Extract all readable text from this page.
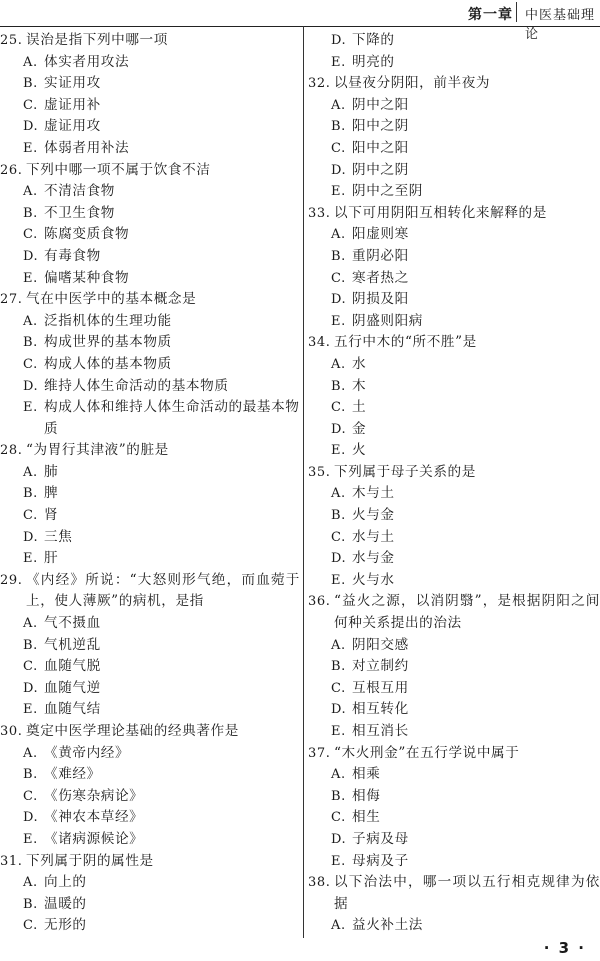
第一章 中医基础理论
25. 误治是指下列中哪一项
A. 体实者用攻法
B. 实证用攻
C. 虚证用补
D. 虚证用攻
E. 体弱者用补法
26. 下列中哪一项不属于饮食不洁
A. 不清洁食物
B. 不卫生食物
C. 陈腐变质食物
D. 有毒食物
E. 偏嗜某种食物
27. 气在中医学中的基本概念是
A. 泛指机体的生理功能
B. 构成世界的基本物质
C. 构成人体的基本物质
D. 维持人体生命活动的基本物质
E. 构成人体和维持人体生命活动的最基本物质
28. “为胃行其津液”的脏是
A. 肺
B. 脾
C. 肾
D. 三焦
E. 肝
29. 《内经》所说：“大怒则形气绝，而血菀于上，使人薄厥”的病机，是指
A. 气不摄血
B. 气机逆乱
C. 血随气脱
D. 血随气逆
E. 血随气结
30. 奠定中医学理论基础的经典著作是
A. 《黄帝内经》
B. 《难经》
C. 《伤寒杂病论》
D. 《神农本草经》
E. 《诸病源候论》
31. 下列属于阴的属性是
A. 向上的
B. 温暖的
C. 无形的
D. 下降的
E. 明亮的
32. 以昼夜分阴阳，前半夜为
A. 阴中之阳
B. 阳中之阴
C. 阳中之阳
D. 阴中之阴
E. 阴中之至阴
33. 以下可用阴阳互相转化来解释的是
A. 阳虚则寒
B. 重阴必阳
C. 寒者热之
D. 阴损及阳
E. 阴盛则阳病
34. 五行中木的“所不胜”是
A. 水
B. 木
C. 土
D. 金
E. 火
35. 下列属于母子关系的是
A. 木与土
B. 火与金
C. 水与土
D. 水与金
E. 火与水
36. “益火之源，以消阴翳”，是根据阴阳之间何种关系提出的治法
A. 阴阳交感
B. 对立制约
C. 互根互用
D. 相互转化
E. 相互消长
37. “木火刑金”在五行学说中属于
A. 相乘
B. 相侮
C. 相生
D. 子病及母
E. 母病及子
38. 以下治法中，哪一项以五行相克规律为依据
A. 益火补土法
· 3 ·
